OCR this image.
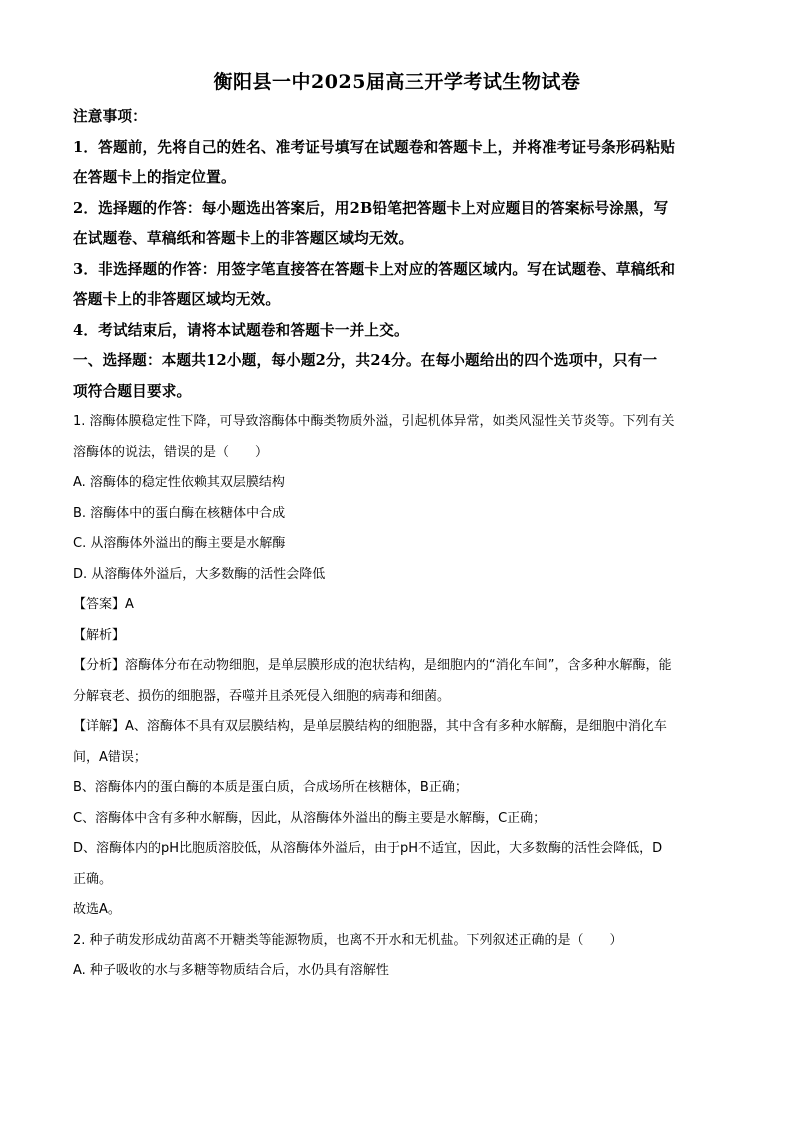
衡阳县一中2025届高三开学考试生物试卷
注意事项：
1．答题前，先将自己的姓名、准考证号填写在试题卷和答题卡上，并将准考证号条形码粘贴
在答题卡上的指定位置。
2．选择题的作答：每小题选出答案后，用2B铅笔把答题卡上对应题目的答案标号涂黑，写
在试题卷、草稿纸和答题卡上的非答题区域均无效。
3．非选择题的作答：用签字笔直接答在答题卡上对应的答题区域内。写在试题卷、草稿纸和
答题卡上的非答题区域均无效。
4．考试结束后，请将本试题卷和答题卡一并上交。
一、选择题：本题共12小题，每小题2分，共24分。在每小题给出的四个选项中，只有一
项符合题目要求。
1. 溶酶体膜稳定性下降，可导致溶酶体中酶类物质外溢，引起机体异常，如类风湿性关节炎等。下列有关
溶酶体的说法，错误的是（　　）
A. 溶酶体的稳定性依赖其双层膜结构
B. 溶酶体中的蛋白酶在核糖体中合成
C. 从溶酶体外溢出的酶主要是水解酶
D. 从溶酶体外溢后，大多数酶的活性会降低
【答案】A
【解析】
【分析】溶酶体分布在动物细胞，是单层膜形成的泡状结构，是细胞内的“消化车间”，含多种水解酶，能
分解衰老、损伤的细胞器，吞噬并且杀死侵入细胞的病毒和细菌。
【详解】A、溶酶体不具有双层膜结构，是单层膜结构的细胞器，其中含有多种水解酶，是细胞中消化车
间，A错误；
B、溶酶体内的蛋白酶的本质是蛋白质，合成场所在核糖体，B正确；
C、溶酶体中含有多种水解酶，因此，从溶酶体外溢出的酶主要是水解酶，C正确；
D、溶酶体内的pH比胞质溶胶低，从溶酶体外溢后，由于pH不适宜，因此，大多数酶的活性会降低，D
正确。
故选A。
2. 种子萌发形成幼苗离不开糖类等能源物质，也离不开水和无机盐。下列叙述正确的是（　　）
A. 种子吸收的水与多糖等物质结合后，水仍具有溶解性
